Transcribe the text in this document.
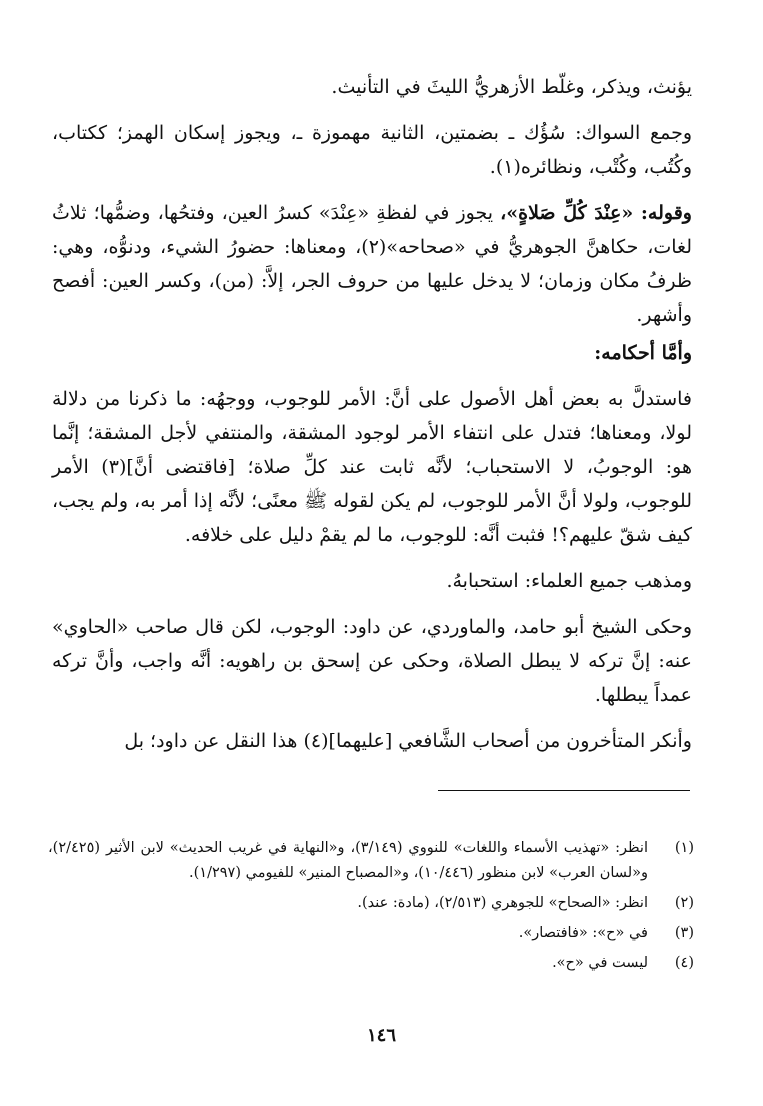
يؤنث، ويذكر، وغلّط الأزهريُّ الليثَ في التأنيث.

وجمع السواك: سُؤُك ـ بضمتين، الثانية مهموزة ـ، ويجوز إسكان الهمز؛ ككتاب، وكُتُب، وكُتْب، ونظائره(١).

وقوله: «عِنْدَ كُلِّ صَلاةٍ»، يجوز في لفظةِ «عِنْدَ» كسرُ العين، وفتحُها، وضمُّها؛ ثلاثُ لغات، حكاهنَّ الجوهريُّ في «صحاحه»(٢)، ومعناها: حضورُ الشيء، ودنوُّه، وهي: ظرفُ مكان وزمان؛ لا يدخل عليها من حروف الجر، إلاَّ: (من)، وكسر العين: أفصح وأشهر.

وأمَّا أحكامه:

فاستدلَّ به بعض أهل الأصول على أنَّ: الأمر للوجوب، ووجهُه: ما ذكرنا من دلالة لولا، ومعناها؛ فتدل على انتفاء الأمر لوجود المشقة، والمنتفي لأجل المشقة؛ إنَّما هو: الوجوبُ، لا الاستحباب؛ لأنَّه ثابت عند كلِّ صلاة؛ [فاقتضى أنَّ](٣) الأمر للوجوب، ولولا أنَّ الأمر للوجوب، لم يكن لقوله ﷺ معنًى؛ لأنَّه إذا أمر به، ولم يجب، كيف شقّ عليهم؟! فثبت أنَّه: للوجوب، ما لم يقمْ دليل على خلافه.

ومذهب جميع العلماء: استحبابهُ.

وحكى الشيخ أبو حامد، والماوردي، عن داود: الوجوب، لكن قال صاحب «الحاوي» عنه: إنَّ تركه لا يبطل الصلاة، وحكى عن إسحق بن راهويه: أنَّه واجب، وأنَّ تركه عمداً يبطلها.

وأنكر المتأخرون من أصحاب الشَّافعي [عليهما](٤) هذا النقل عن داود؛ بل

(١)
انظر: «تهذيب الأسماء واللغات» للنووي (٣/١٤٩)، و«النهاية في غريب الحديث» لابن الأثير (٢/٤٢٥)، و«لسان العرب» لابن منظور (١٠/٤٤٦)، و«المصباح المنير» للفيومي (١/٢٩٧).
(٢)
انظر: «الصحاح» للجوهري (٢/٥١٣)، (مادة: عند).
(٣)
في «ح»: «فافتصار».
(٤)
ليست في «ح».
١٤٦
